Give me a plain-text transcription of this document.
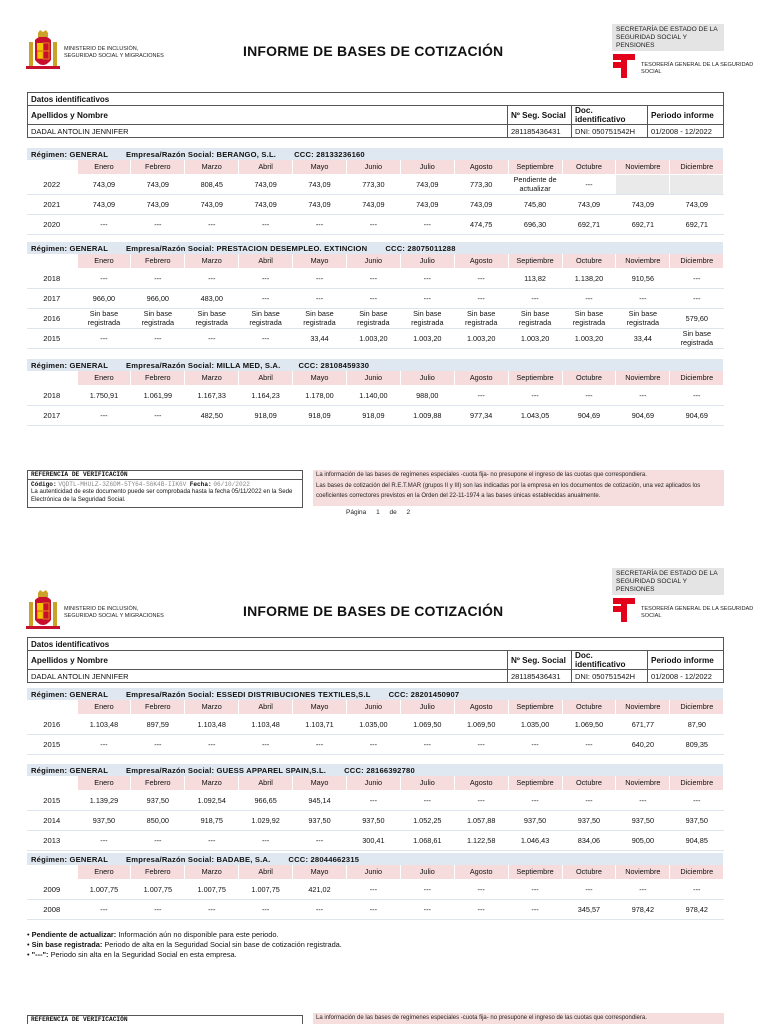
MINISTERIO DE INCLUSIÓN, SEGURIDAD SOCIAL Y MIGRACIONES	INFORME DE BASES DE COTIZACIÓN
SECRETARÍA DE ESTADO DE LA SEGURIDAD SOCIAL Y PENSIONES
TESORERÍA GENERAL DE LA SEGURIDAD SOCIAL
Datos identificativos			
Apellidos y Nombre	Nº Seg. Social	Doc. identificativo	Periodo informe
DADAL ANTOLIN JENNIFER	281185436431	DNI: 050751542H	01/2008 - 12/2022
Régimen: GENERAL Empresa/Razón Social: BERANGO, S.L. CCC: 28133236160												
	Enero	Febrero	Marzo	Abril	Mayo	Junio	Julio	Agosto	Septiembre	Octubre	Noviembre	Diciembre
2022	743,09	743,09	808,45	743,09	743,09	773,30	743,09	773,30	Pendiente de actualizar	---		
2021	743,09	743,09	743,09	743,09	743,09	743,09	743,09	743,09	745,80	743,09	743,09	743,09
2020	---	---	---	---	---	---	---	474,75	696,30	692,71	692,71	692,71
Régimen: GENERAL Empresa/Razón Social: PRESTACION DESEMPLEO. EXTINCION CCC: 28075011288												
	Enero	Febrero	Marzo	Abril	Mayo	Junio	Julio	Agosto	Septiembre	Octubre	Noviembre	Diciembre
2018	---	---	---	---	---	---	---	---	113,82	1.138,20	910,56	---
2017	966,00	966,00	483,00	---	---	---	---	---	---	---	---	---
2016	Sin base registrada	Sin base registrada	Sin base registrada	Sin base registrada	Sin base registrada	Sin base registrada	Sin base registrada	Sin base registrada	Sin base registrada	Sin base registrada	Sin base registrada	579,60
2015	---	---	---	---	33,44	1.003,20	1.003,20	1.003,20	1.003,20	1.003,20	33,44	Sin base registrada
Régimen: GENERAL Empresa/Razón Social: MILLA MED, S.A. CCC: 28108459330												
	Enero	Febrero	Marzo	Abril	Mayo	Junio	Julio	Agosto	Septiembre	Octubre	Noviembre	Diciembre
2018	1.750,91	1.061,99	1.167,33	1.164,23	1.178,00	1.140,00	988,00	---	---	---	---	---
2017	---	---	482,50	918,09	918,09	918,09	1.009,88	977,34	1.043,05	904,69	904,69	904,69
REFERENCIA DE VERIFICACIÓN
Código: VQDTL-MHULZ-3Z6DM-5TY64-S6K4B-IIK6V Fecha: 06/10/2022
La autenticidad de este documento puede ser comprobada hasta la fecha 05/11/2022 en la Sede Electrónica de la Seguridad Social.

La información de las bases de regímenes especiales -cuota fija- no presupone el ingreso de las cuotas que correspondiera.

Las bases de cotización del R.E.T.MAR (grupos II y III) son las indicadas por la empresa en los documentos de cotización, una vez aplicados los coeficientes correctores previstos en la Orden del 22-11-1974 a las bases únicas establecidas anualmente.

Página 1 de 2
MINISTERIO DE INCLUSIÓN, SEGURIDAD SOCIAL Y MIGRACIONES	INFORME DE BASES DE COTIZACIÓN
SECRETARÍA DE ESTADO DE LA SEGURIDAD SOCIAL Y PENSIONES
TESORERÍA GENERAL DE LA SEGURIDAD SOCIAL
Datos identificativos			
Apellidos y Nombre	Nº Seg. Social	Doc. identificativo	Periodo informe
DADAL ANTOLIN JENNIFER	281185436431	DNI: 050751542H	01/2008 - 12/2022
Régimen: GENERAL Empresa/Razón Social: ESSEDI DISTRIBUCIONES TEXTILES,S.L CCC: 28201450907												
	Enero	Febrero	Marzo	Abril	Mayo	Junio	Julio	Agosto	Septiembre	Octubre	Noviembre	Diciembre
2016	1.103,48	897,59	1.103,48	1.103,48	1.103,71	1.035,00	1.069,50	1.069,50	1.035,00	1.069,50	671,77	87,90
2015	---	---	---	---	---	---	---	---	---	---	640,20	809,35
Régimen: GENERAL Empresa/Razón Social: GUESS APPAREL SPAIN,S.L. CCC: 28166392780												
	Enero	Febrero	Marzo	Abril	Mayo	Junio	Julio	Agosto	Septiembre	Octubre	Noviembre	Diciembre
2015	1.139,29	937,50	1.092,54	966,65	945,14	---	---	---	---	---	---	---
2014	937,50	850,00	918,75	1.029,92	937,50	937,50	1.052,25	1.057,88	937,50	937,50	937,50	937,50
2013	---	---	---	---	---	300,41	1.068,61	1.122,58	1.046,43	834,06	905,00	904,85
Régimen: GENERAL Empresa/Razón Social: BADABE, S.A. CCC: 28044662315												
	Enero	Febrero	Marzo	Abril	Mayo	Junio	Julio	Agosto	Septiembre	Octubre	Noviembre	Diciembre
2009	1.007,75	1.007,75	1.007,75	1.007,75	421,02	---	---	---	---	---	---	---
2008	---	---	---	---	---	---	---	---	---	345,57	978,42	978,42
REFERENCIA DE VERIFICACIÓN	La información de las bases de regímenes especiales -cuota fija- no presupone el ingreso de las cuotas que correspondiera.

• Pendiente de actualizar: Información aún no disponible para este periodo.
• Sin base registrada: Periodo de alta en la Seguridad Social sin base de cotización registrada.
• "---": Periodo sin alta en la Seguridad Social en esta empresa.
